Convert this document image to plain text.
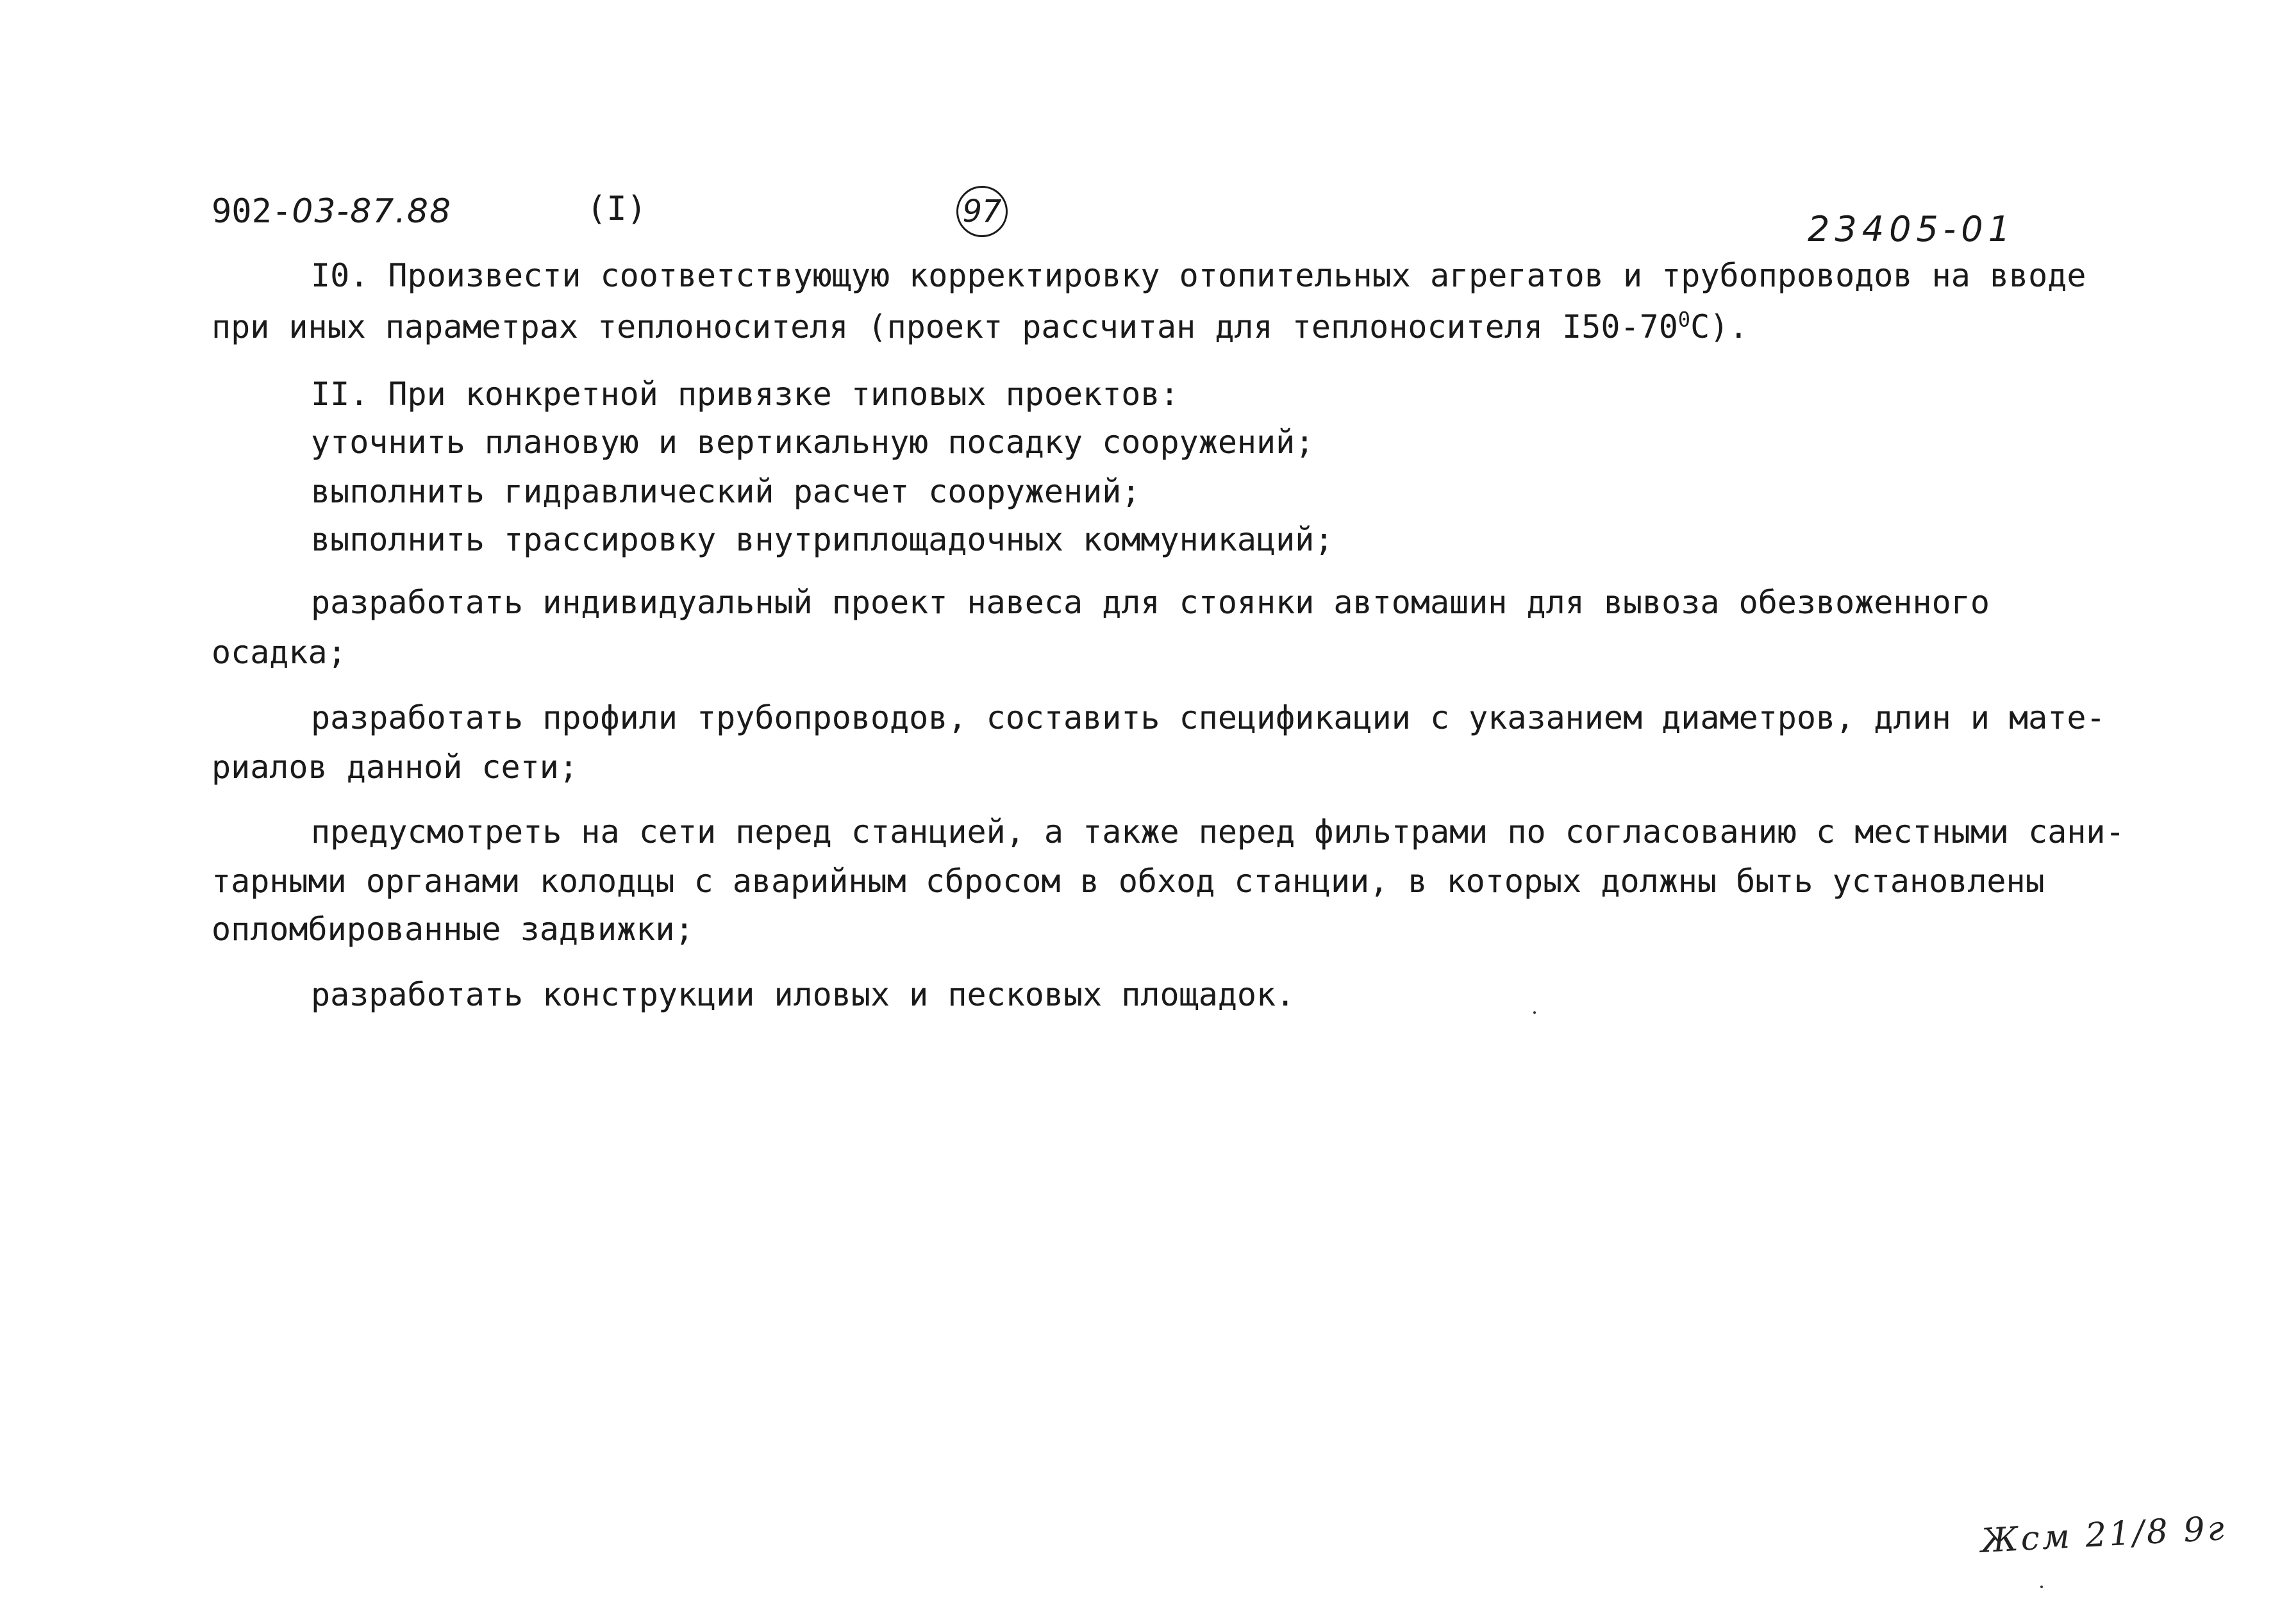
902-03-87.88	(I)	97	23405-01
I0. Произвести соответствующую корректировку отопительных агрегатов и трубопроводов на вводе
при иных параметрах теплоносителя (проект рассчитан для теплоносителя $I50-70^0C$).
II. При конкретной привязке типовых проектов:
уточнить плановую и вертикальную посадку сооружений;
выполнить гидравлический расчет сооружений;
выполнить трассировку внутриплощадочных коммуникаций;
разработать индивидуальный проект навеса для стоянки автомашин для вывоза обезвоженного
осадка;
разработать профили трубопроводов, составить спецификации с указанием диаметров, длин и мате-
риалов данной сети;
предусмотреть на сети перед станцией, а также перед фильтрами по согласованию с местными сани-
тарными органами колодцы с аварийным сбросом в обход станции, в которых должны быть установлены
опломбированные задвижки;
разработать конструкции иловых и песковых площадок.
Жсм 21/8 9г
